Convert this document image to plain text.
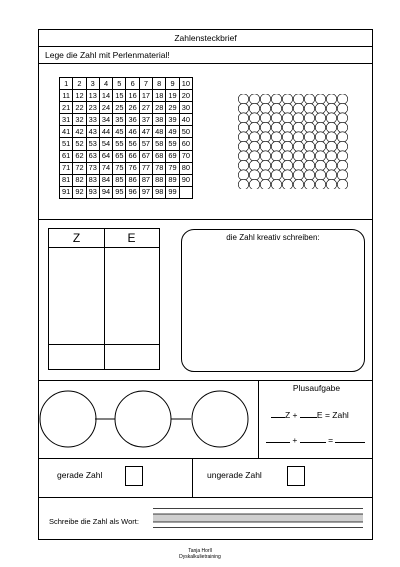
Zahlensteckbrief
Lege die Zahl mit Perlenmaterial!
1	2	3	4	5	6	7	8	9	10
11	12	13	14	15	16	17	18	19	20
21	22	23	24	25	26	27	28	29	30
31	32	33	34	35	36	37	38	39	40
41	42	43	44	45	46	47	48	49	50
51	52	53	54	55	56	57	58	59	60
61	62	63	64	65	66	67	68	69	70
71	72	73	74	75	76	77	78	79	80
81	82	83	84	85	86	87	88	89	90
91	92	93	94	95	96	97	98	99	
Z	E	die Zahl kreativ schreiben:
Plusaufgabe
Z + E = Zahl
+	=
gerade Zahl	ungerade Zahl
Schreibe die Zahl als Wort:
Tanja Horll
Dyskalkulietraining
